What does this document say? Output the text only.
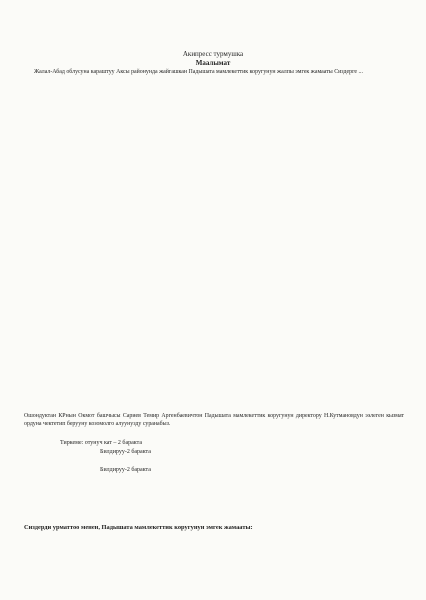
Акипресс турмушка
Маалымат
Жалал-Абад облусуна караштуу Аксы районунда жайгашкан Падышата мамлекеттик коругунун жалпы эмгек жамааты Сиздерге ...
Ошондуктан КРнын Окмот башчысы Сариев Темир Аргенбаевичтон Падышата мамлекеттик коругунун директору Н.Кутмановдун ээлеген кызмат ордуна чектетип берууну козомолго алуунузду суранабыз.
Тиркеме: отунуч кат – 2 баракта
Билдируу-2 баракта
Билдируу-2 баракта
Сиздерди урматтоо менен, Падышата мамлекеттик коругунун эмгек жамааты:
